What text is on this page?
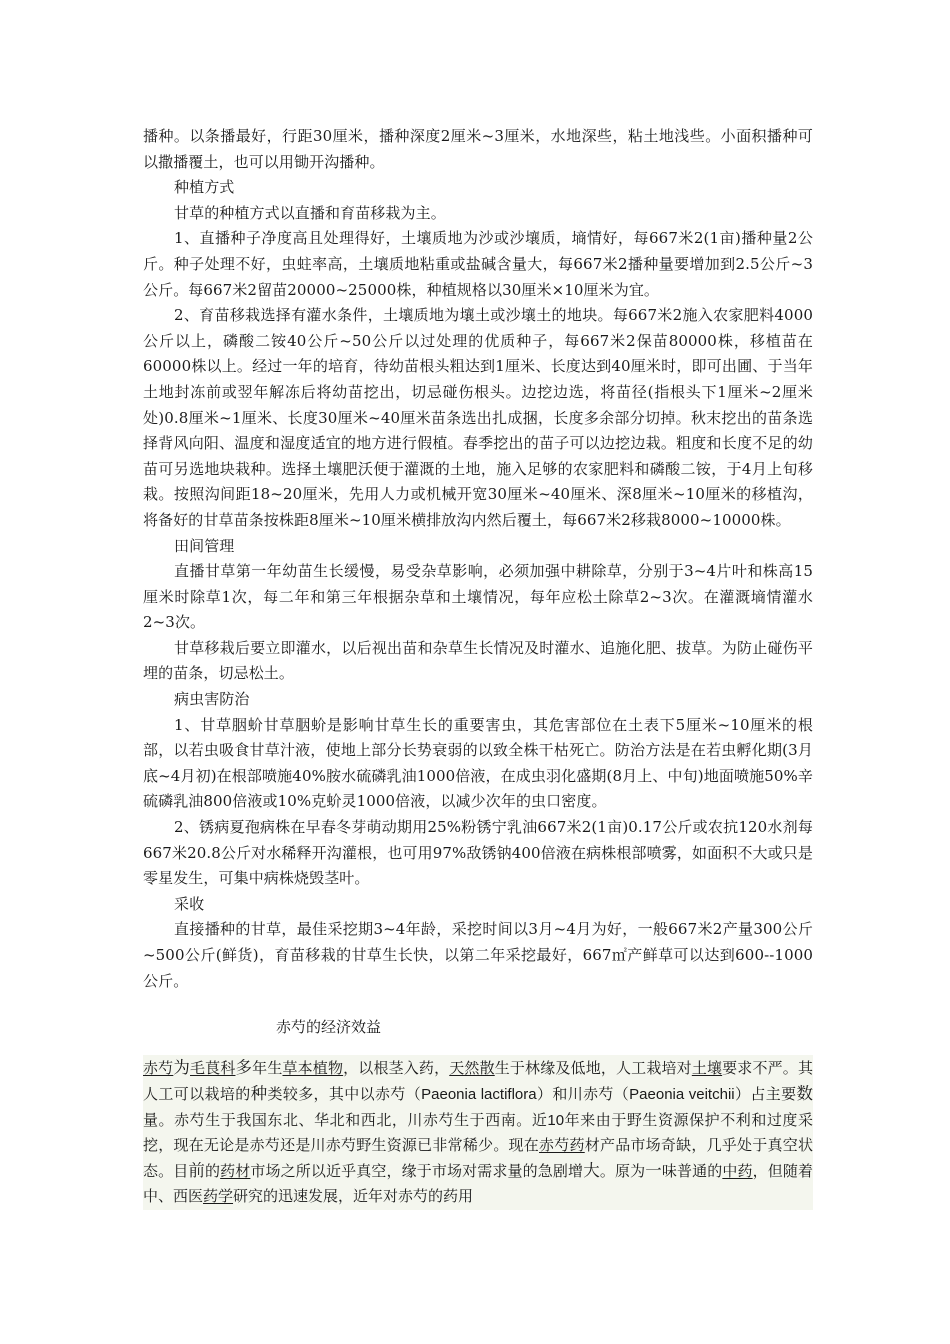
播种。以条播最好，行距30厘米，播种深度2厘米~3厘米，水地深些，粘土地浅些。小面积播种可以撒播覆土，也可以用锄开沟播种。

种植方式

甘草的种植方式以直播和育苗移栽为主。

1、直播种子净度高且处理得好，土壤质地为沙或沙壤质，墒情好，每667米2(1亩)播种量2公斤。种子处理不好，虫蛀率高，土壤质地粘重或盐碱含量大，每667米2播种量要增加到2.5公斤~3公斤。每667米2留苗20000~25000株，种植规格以30厘米×10厘米为宜。

2、育苗移栽选择有灌水条件，土壤质地为壤土或沙壤土的地块。每667米2施入农家肥料4000公斤以上，磷酸二铵40公斤~50公斤以过处理的优质种子，每667米2保苗80000株，移植苗在60000株以上。经过一年的培育，待幼苗根头粗达到1厘米、长度达到40厘米时，即可出圃、于当年土地封冻前或翌年解冻后将幼苗挖出，切忌碰伤根头。边挖边选，将苗径(指根头下1厘米~2厘米处)0.8厘米~1厘米、长度30厘米~40厘米苗条选出扎成捆，长度多余部分切掉。秋末挖出的苗条选择背风向阳、温度和湿度适宜的地方进行假植。春季挖出的苗子可以边挖边栽。粗度和长度不足的幼苗可另选地块栽种。选择土壤肥沃便于灌溉的土地，施入足够的农家肥料和磷酸二铵，于4月上旬移栽。按照沟间距18~20厘米，先用人力或机械开宽30厘米~40厘米、深8厘米~10厘米的移植沟，将备好的甘草苗条按株距8厘米~10厘米横排放沟内然后覆土，每667米2移栽8000~10000株。

田间管理

直播甘草第一年幼苗生长缓慢，易受杂草影响，必须加强中耕除草，分别于3~4片叶和株高15厘米时除草1次，每二年和第三年根据杂草和土壤情况，每年应松土除草2~3次。在灌溉墒情灌水2~3次。

甘草移栽后要立即灌水，以后视出苗和杂草生长情况及时灌水、追施化肥、拔草。为防止碰伤平埋的苗条，切忌松土。

病虫害防治

1、甘草胭蚧甘草胭蚧是影响甘草生长的重要害虫，其危害部位在土表下5厘米~10厘米的根部，以若虫吸食甘草汁液，使地上部分长势衰弱的以致全株干枯死亡。防治方法是在若虫孵化期(3月底~4月初)在根部喷施40%胺水硫磷乳油1000倍液，在成虫羽化盛期(8月上、中旬)地面喷施50%辛硫磷乳油800倍液或10%克蚧灵1000倍液，以减少次年的虫口密度。

2、锈病夏孢病株在早春冬芽萌动期用25%粉锈宁乳油667米2(1亩)0.17公斤或农抗120水剂每667米20.8公斤对水稀释开沟灌根，也可用97%敌锈钠400倍液在病株根部喷雾，如面积不大或只是零星发生，可集中病株烧毁茎叶。

采收

直接播种的甘草，最佳采挖期3~4年龄，采挖时间以3月~4月为好，一般667米2产量300公斤~500公斤(鲜货)，育苗移栽的甘草生长快，以第二年采挖最好，667㎡产鲜草可以达到600--1000公斤。

赤芍的经济效益

赤芍为毛茛科多年生草本植物，以根茎入药，天然散生于林缘及低地，人工栽培对土壤要求不严。其人工可以栽培的种类较多，其中以赤芍（Paeonia lactiflora）和川赤芍（Paeonia veitchii）占主要数量。赤芍生于我国东北、华北和西北，川赤芍生于西南。近10年来由于野生资源保护不利和过度采挖，现在无论是赤芍还是川赤芍野生资源已非常稀少。现在赤芍药材产品市场奇缺，几乎处于真空状态。目前的药材市场之所以近乎真空，缘于市场对需求量的急剧增大。原为一味普通的中药，但随着中、西医药学研究的迅速发展，近年对赤芍的药用
